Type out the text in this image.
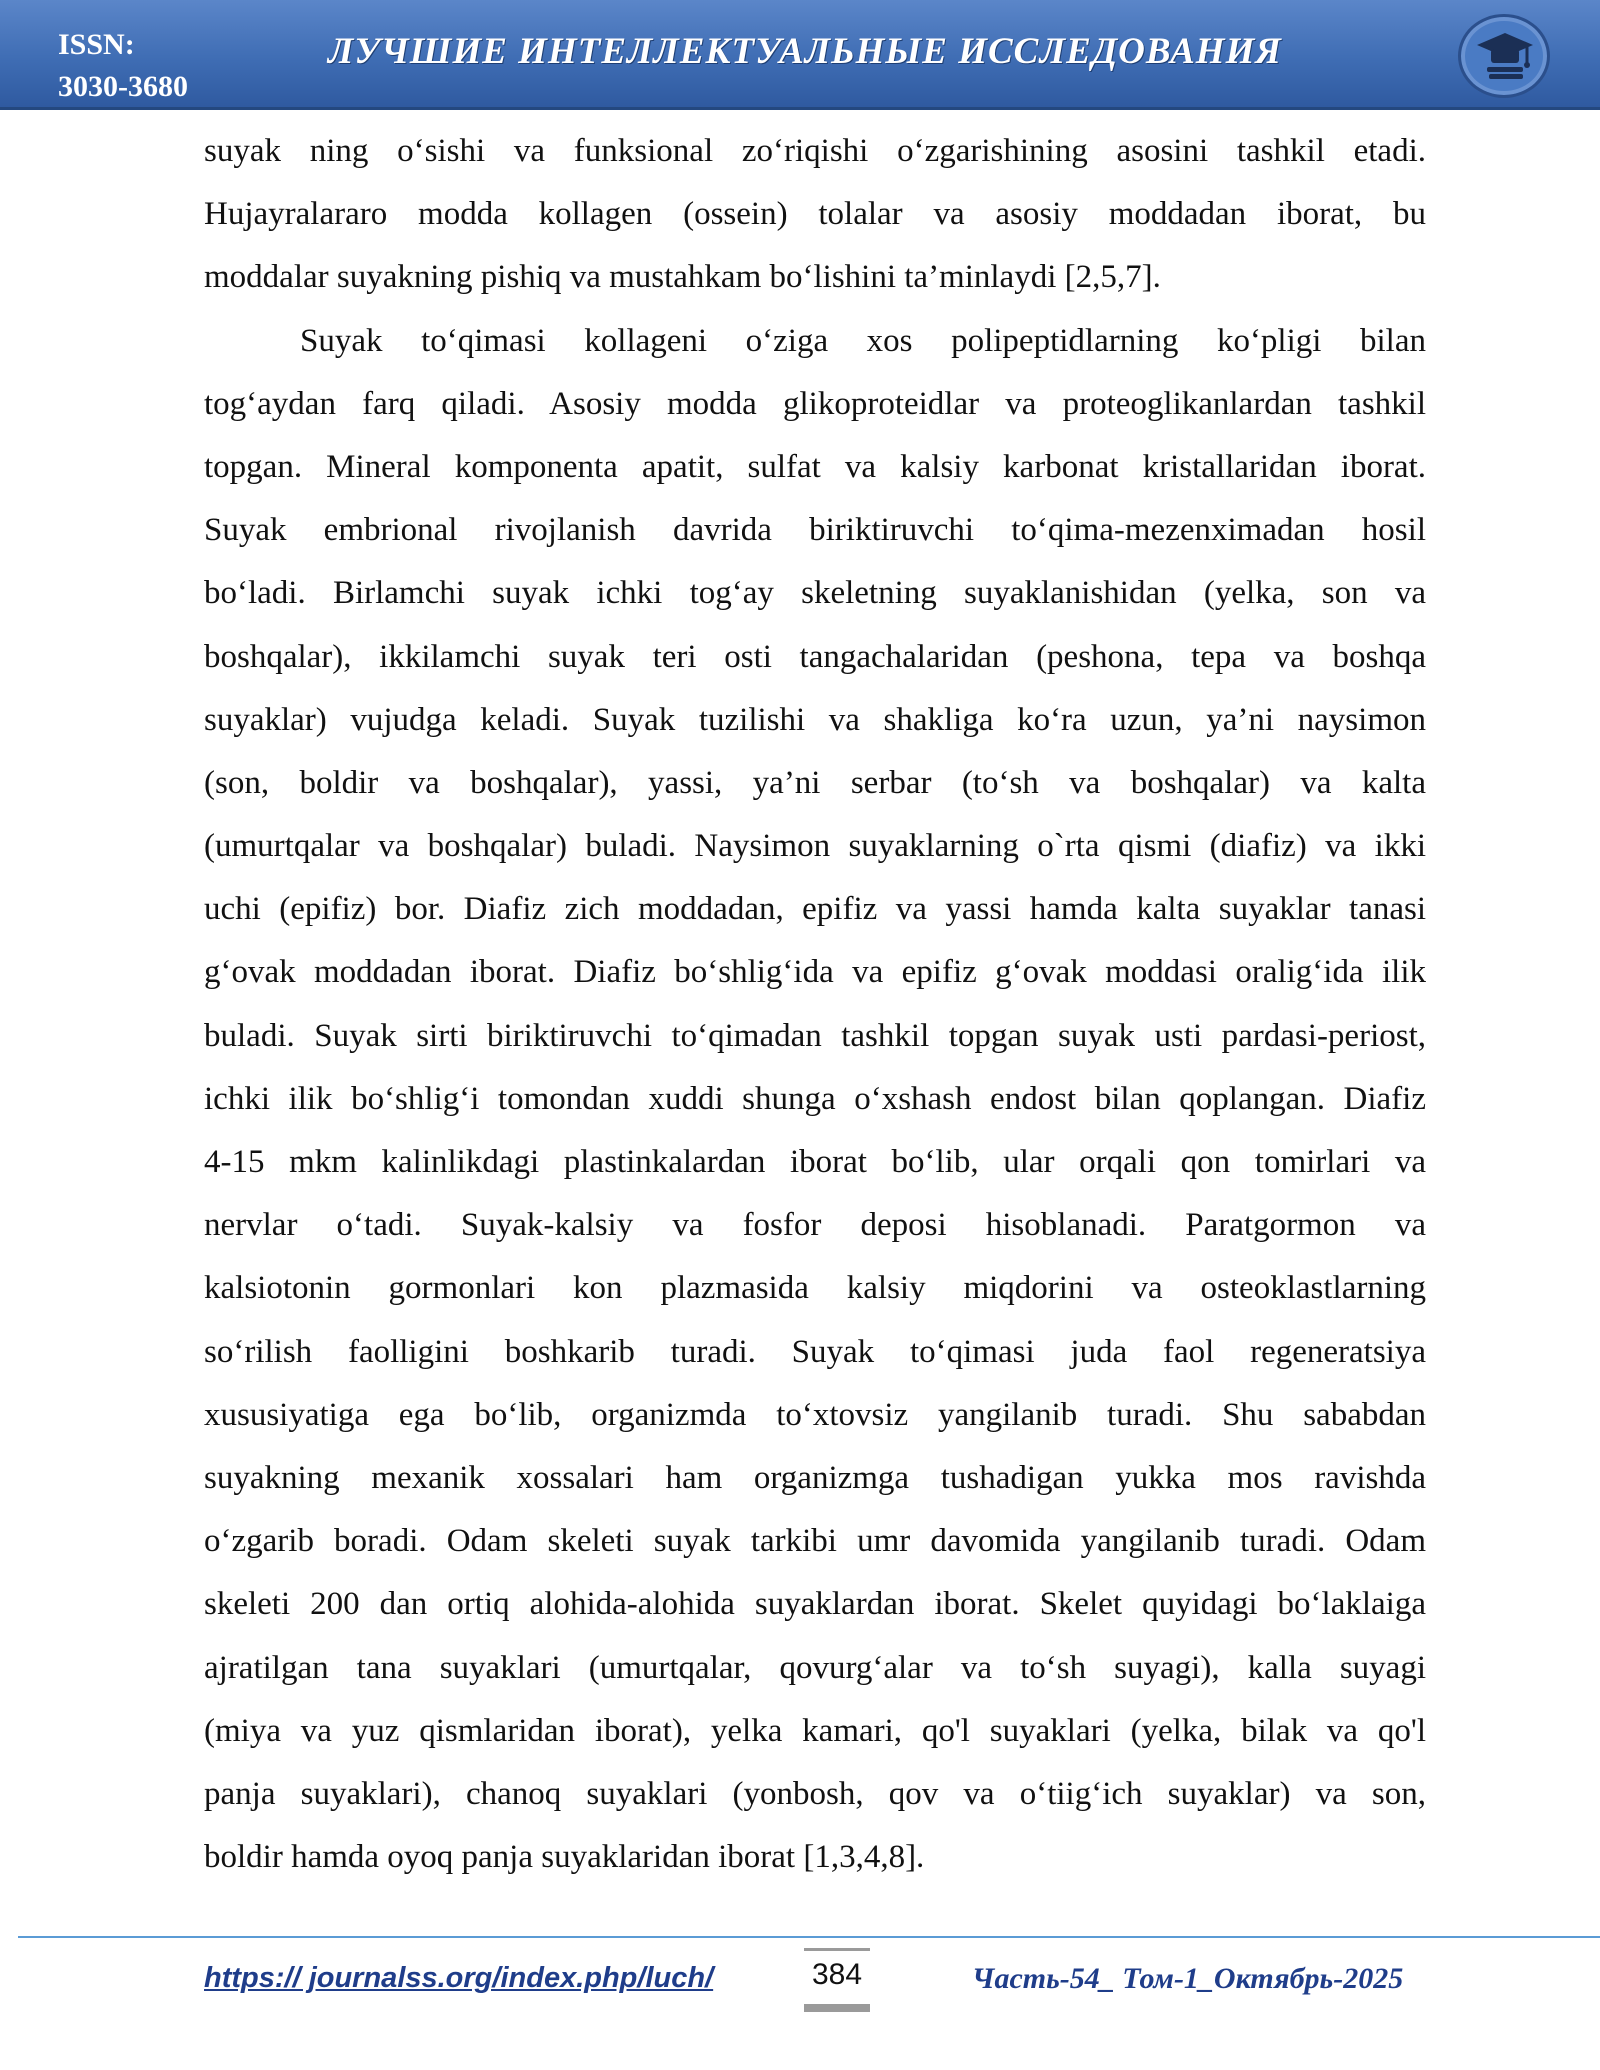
ISSN:
3030-3680
ЛУЧШИЕ ИНТЕЛЛЕКТУАЛЬНЫЕ ИССЛЕДОВАНИЯ

suyak ning o‘sishi va funksional zo‘riqishi o‘zgarishining asosini tashkil etadi.

Hujayralararo modda kollagen (ossein) tolalar va asosiy moddadan iborat, bu

moddalar suyakning pishiq va mustahkam bo‘lishini ta’minlaydi [2,5,7].

Suyak to‘qimasi kollageni o‘ziga xos polipeptidlarning ko‘pligi bilan

tog‘aydan farq qiladi. Asosiy modda glikoproteidlar va proteoglikanlardan tashkil

topgan. Mineral komponenta apatit, sulfat va kalsiy karbonat kristallaridan iborat.

Suyak embrional rivojlanish davrida biriktiruvchi to‘qima-mezenximadan hosil

bo‘ladi. Birlamchi suyak ichki tog‘ay skeletning suyaklanishidan (yelka, son va

boshqalar), ikkilamchi suyak teri osti tangachalaridan (peshona, tepa va boshqa

suyaklar) vujudga keladi. Suyak tuzilishi va shakliga ko‘ra uzun, ya’ni naysimon

(son, boldir va boshqalar), yassi, ya’ni serbar (to‘sh va boshqalar) va kalta

(umurtqalar va boshqalar) buladi. Naysimon suyaklarning o`rta qismi (diafiz) va ikki

uchi (epifiz) bor. Diafiz zich moddadan, epifiz va yassi hamda kalta suyaklar tanasi

g‘ovak moddadan iborat. Diafiz bo‘shlig‘ida va epifiz g‘ovak moddasi oralig‘ida ilik

buladi. Suyak sirti biriktiruvchi to‘qimadan tashkil topgan suyak usti pardasi-periost,

ichki ilik bo‘shlig‘i tomondan xuddi shunga o‘xshash endost bilan qoplangan. Diafiz

4-15 mkm kalinlikdagi plastinkalardan iborat bo‘lib, ular orqali qon tomirlari va

nervlar o‘tadi. Suyak-kalsiy va fosfor deposi hisoblanadi. Paratgormon va

kalsiotonin gormonlari kon plazmasida kalsiy miqdorini va osteoklastlarning

so‘rilish faolligini boshkarib turadi. Suyak to‘qimasi juda faol regeneratsiya

xususiyatiga ega bo‘lib, organizmda to‘xtovsiz yangilanib turadi. Shu sababdan

suyakning mexanik xossalari ham organizmga tushadigan yukka mos ravishda

o‘zgarib boradi. Odam skeleti suyak tarkibi umr davomida yangilanib turadi. Odam

skeleti 200 dan ortiq alohida-alohida suyaklardan iborat. Skelet quyidagi bo‘laklaiga

ajratilgan tana suyaklari (umurtqalar, qovurg‘alar va to‘sh suyagi), kalla suyagi

(miya va yuz qismlaridan iborat), yelka kamari, qo'l suyaklari (yelka, bilak va qo'l

panja suyaklari), chanoq suyaklari (yonbosh, qov va o‘tiig‘ich suyaklar) va son,

boldir hamda oyoq panja suyaklaridan iborat [1,3,4,8].

https:// journalss.org/index.php/luch/	384	Часть-54_ Том-1_Октябрь-2025
